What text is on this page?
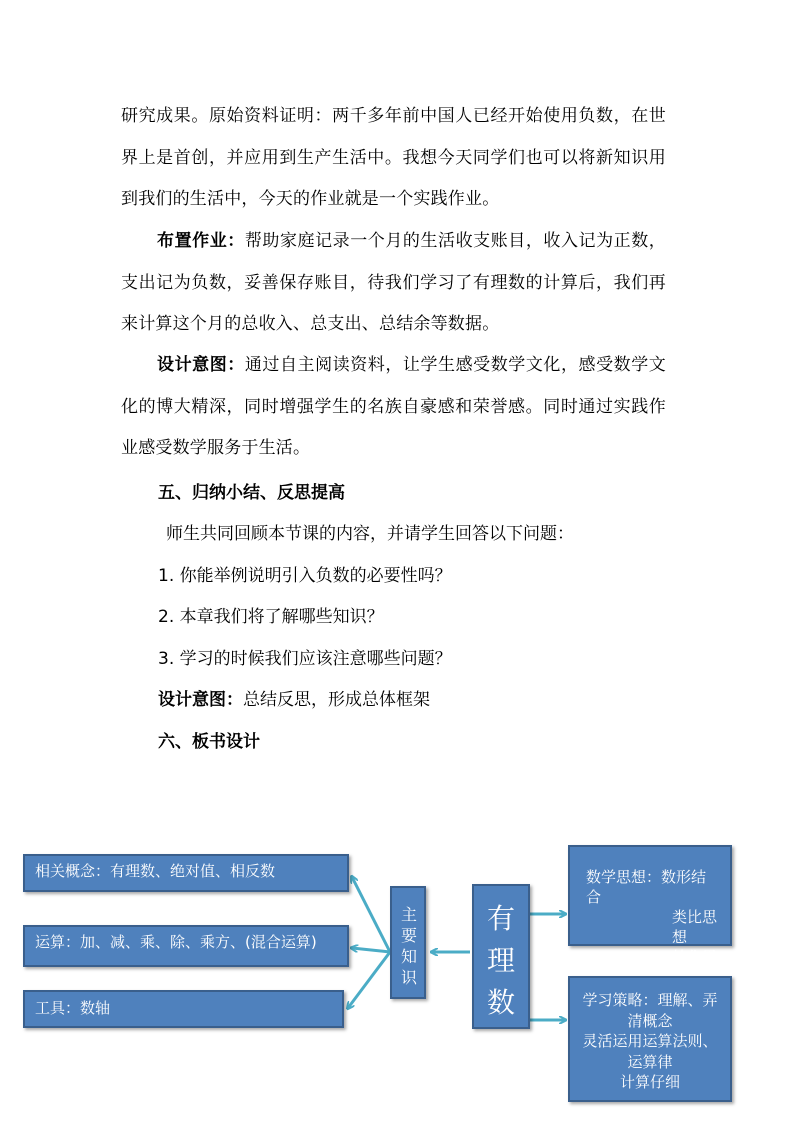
研究成果。原始资料证明：两千多年前中国人已经开始使用负数，在世界上是首创，并应用到生产生活中。我想今天同学们也可以将新知识用到我们的生活中，今天的作业就是一个实践作业。

布置作业：帮助家庭记录一个月的生活收支账目，收入记为正数，支出记为负数，妥善保存账目，待我们学习了有理数的计算后，我们再来计算这个月的总收入、总支出、总结余等数据。

设计意图：通过自主阅读资料，让学生感受数学文化，感受数学文化的博大精深，同时增强学生的名族自豪感和荣誉感。同时通过实践作业感受数学服务于生活。

五、归纳小结、反思提高
师生共同回顾本节课的内容，并请学生回答以下问题：
1. 你能举例说明引入负数的必要性吗？
2. 本章我们将了解哪些知识？
3. 学习的时候我们应该注意哪些问题？
设计意图：总结反思，形成总体框架
六、板书设计
相关概念：有理数、绝对值、相反数
运算：加、减、乘、除、乘方、(混合运算)
工具：数轴
主要知识
有理数
数学思想：数形结合
类比思想
转化思
学习策略：理解、弄清概念
灵活运用运算法则、运算律
计算仔细
